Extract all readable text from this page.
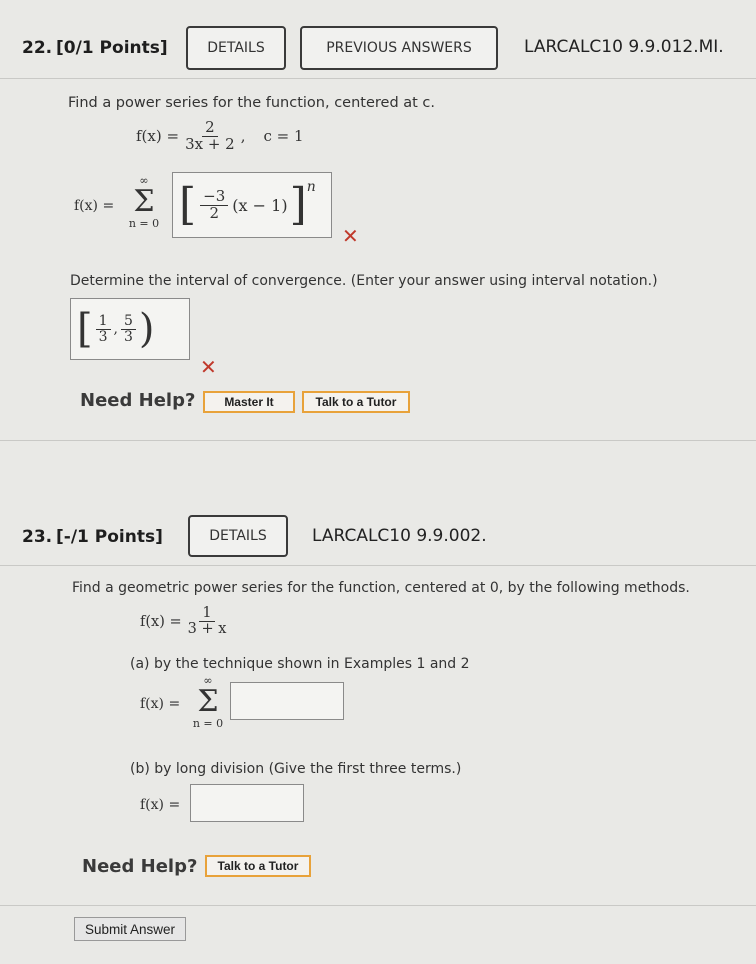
22. [0/1 Points]	DETAILS	PREVIOUS ANSWERS	LARCALC10 9.9.012.MI.
Find a power series for the function, centered at c.
$f(x) = \frac{2}{3x + 2}$ , c = 1
f(x) =
∞
Σ
n = 0 [ $\frac{-3}{2} (x - 1)$ ] n
✕
Determine the interval of convergence. (Enter your answer using interval notation.)
[ $\frac{1}{3}$ , $\frac{5}{3}$ )
✕
Need Help?	Master It	Talk to a Tutor
23. [-/1 Points]	DETAILS	LARCALC10 9.9.002.
Find a geometric power series for the function, centered at 0, by the following methods.
$f(x) = \frac{1}{3 + x}$
(a) by the technique shown in Examples 1 and 2
f(x) =
∞
Σ
n = 0
(b) by long division (Give the first three terms.)
f(x) =
Need Help?	Talk to a Tutor
Submit Answer
